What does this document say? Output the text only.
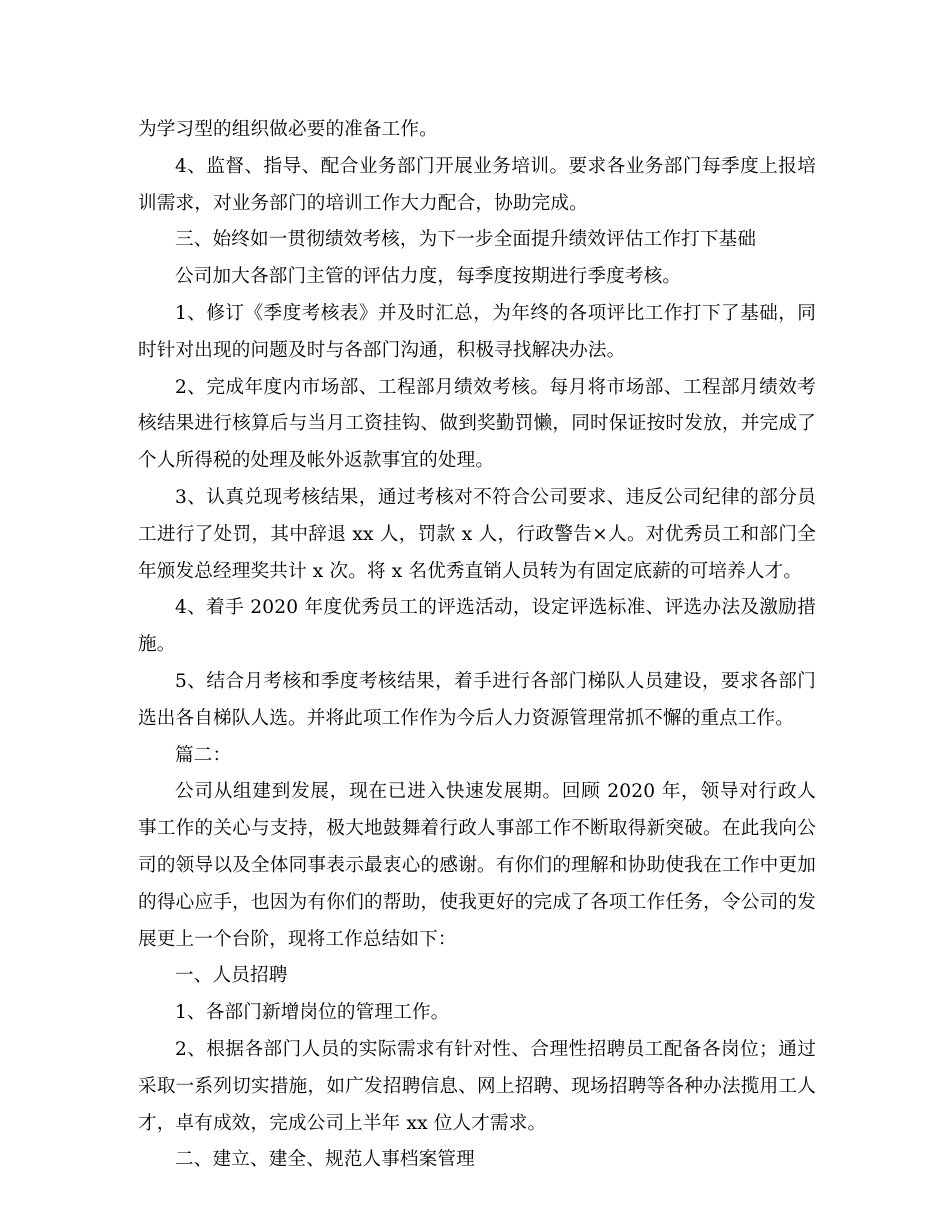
为学习型的组织做必要的准备工作。

4、监督、指导、配合业务部门开展业务培训。要求各业务部门每季度上报培训需求，对业务部门的培训工作大力配合，协助完成。

三、始终如一贯彻绩效考核，为下一步全面提升绩效评估工作打下基础

公司加大各部门主管的评估力度，每季度按期进行季度考核。

1、修订《季度考核表》并及时汇总，为年终的各项评比工作打下了基础，同时针对出现的问题及时与各部门沟通，积极寻找解决办法。

2、完成年度内市场部、工程部月绩效考核。每月将市场部、工程部月绩效考核结果进行核算后与当月工资挂钩、做到奖勤罚懒，同时保证按时发放，并完成了个人所得税的处理及帐外返款事宜的处理。

3、认真兑现考核结果，通过考核对不符合公司要求、违反公司纪律的部分员工进行了处罚，其中辞退 xx 人，罚款 x 人，行政警告×人。对优秀员工和部门全年颁发总经理奖共计 x 次。将 x 名优秀直销人员转为有固定底薪的可培养人才。

4、着手 2020 年度优秀员工的评选活动，设定评选标准、评选办法及激励措施。

5、结合月考核和季度考核结果，着手进行各部门梯队人员建设，要求各部门选出各自梯队人选。并将此项工作作为今后人力资源管理常抓不懈的重点工作。

篇二：

公司从组建到发展，现在已进入快速发展期。回顾 2020 年，领导对行政人事工作的关心与支持，极大地鼓舞着行政人事部工作不断取得新突破。在此我向公司的领导以及全体同事表示最衷心的感谢。有你们的理解和协助使我在工作中更加的得心应手，也因为有你们的帮助，使我更好的完成了各项工作任务，令公司的发展更上一个台阶，现将工作总结如下：

一、人员招聘

1、各部门新增岗位的管理工作。

2、根据各部门人员的实际需求有针对性、合理性招聘员工配备各岗位；通过采取一系列切实措施，如广发招聘信息、网上招聘、现场招聘等各种办法揽用工人才，卓有成效，完成公司上半年 xx 位人才需求。

二、建立、建全、规范人事档案管理
